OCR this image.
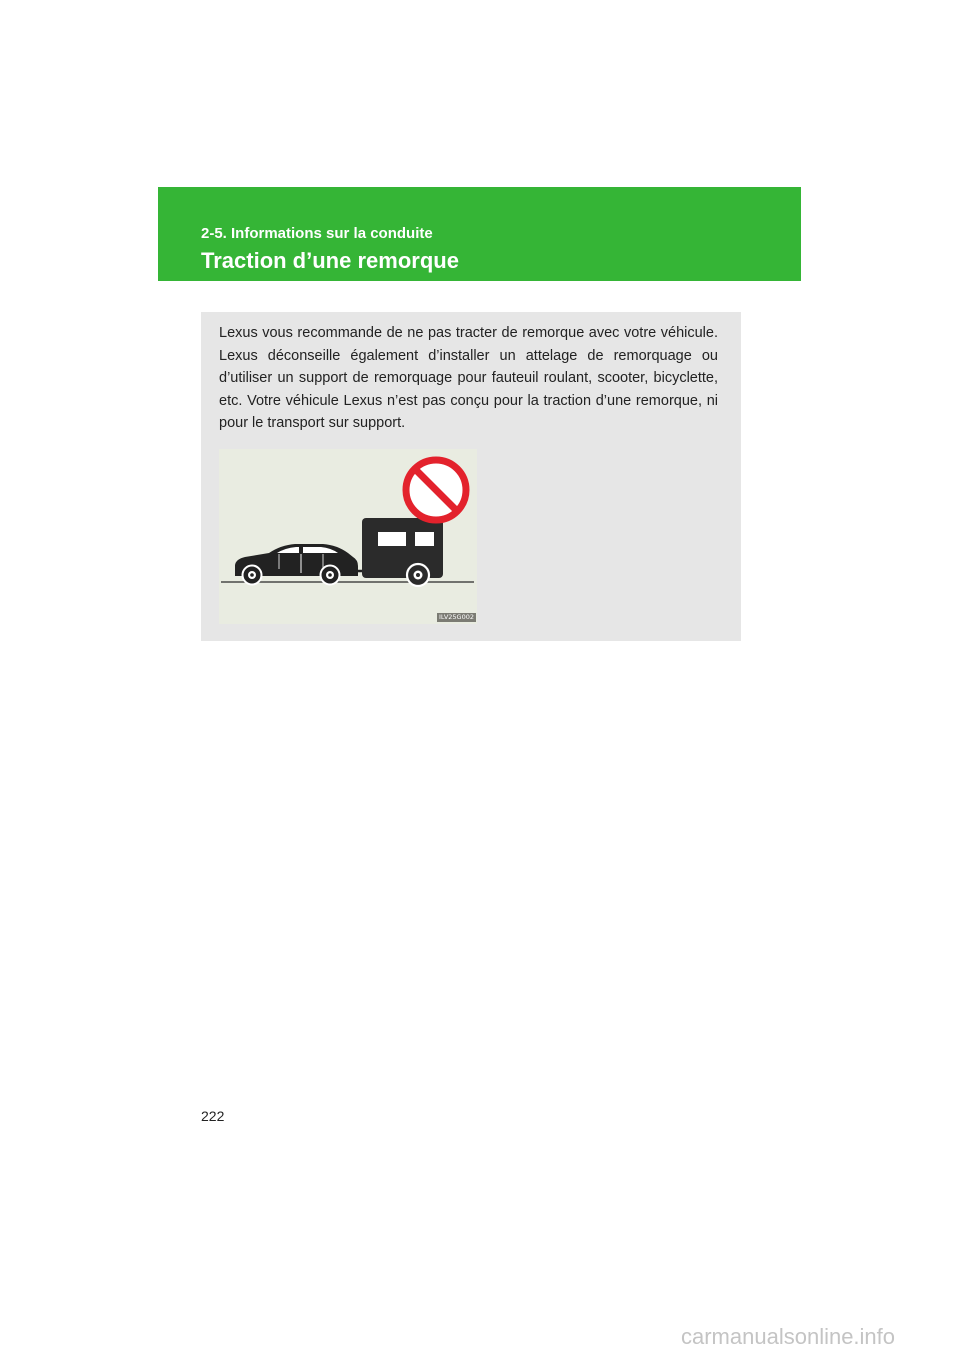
2-5. Informations sur la conduite
Traction d’une remorque

Lexus vous recommande de ne pas tracter de remorque avec votre véhicule. Lexus déconseille également d’installer un attelage de remorquage ou d’utiliser un support de remorquage pour fauteuil roulant, scooter, bicyclette, etc. Votre véhicule Lexus n’est pas conçu pour la traction d’une remorque, ni pour le transport sur support.

ILV25G002
222
carmanualsonline.info
